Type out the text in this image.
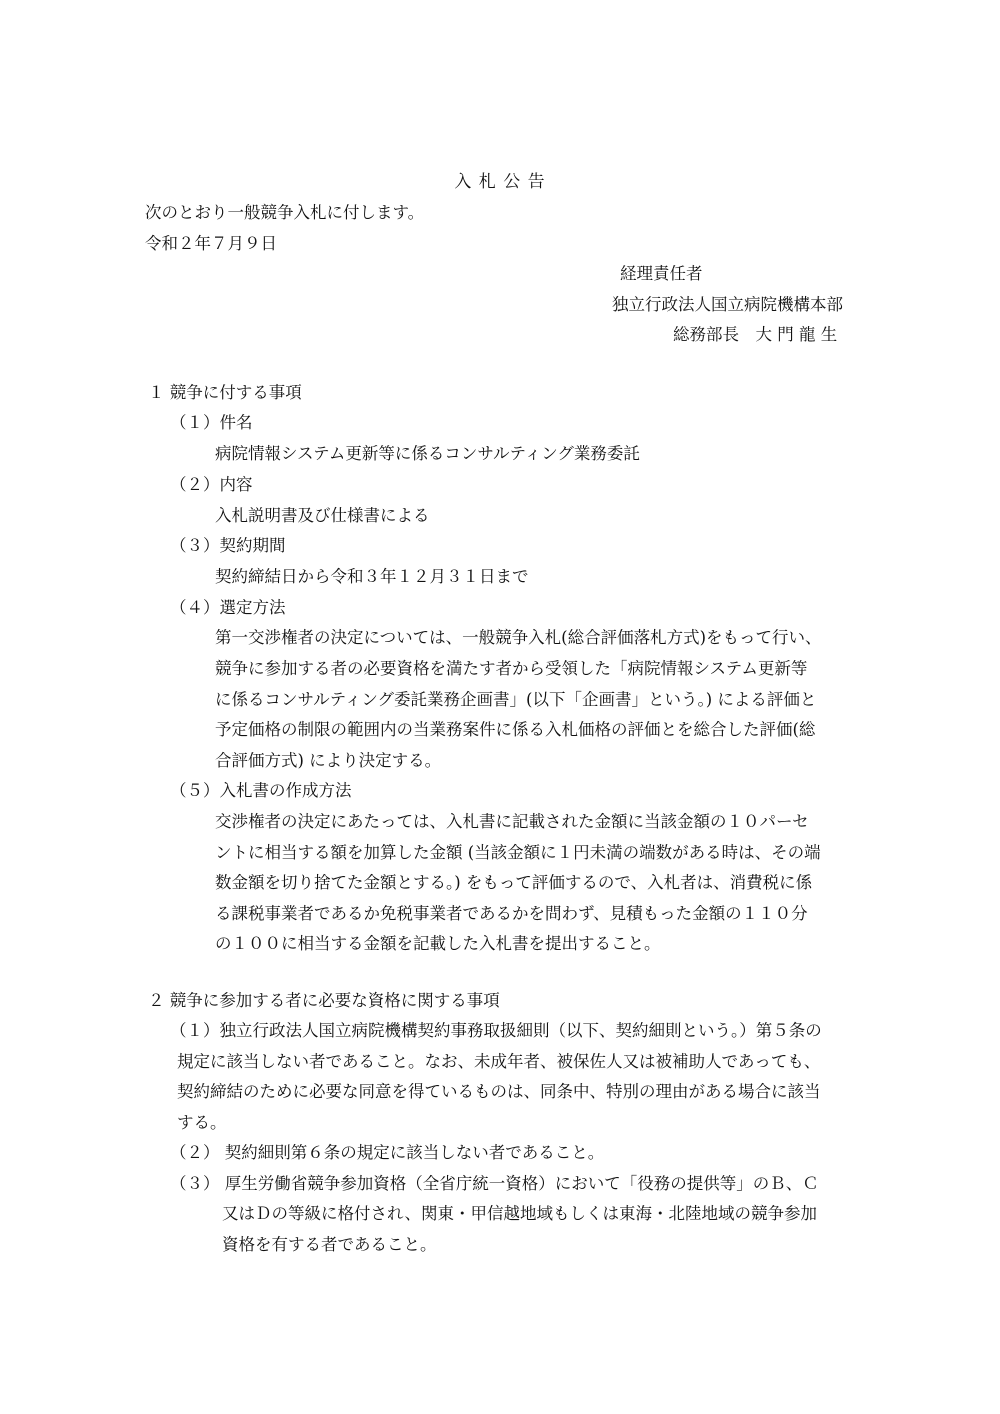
入 札 公 告
次のとおり一般競争入札に付します。
令和２年７月９日
経理責任者
独立行政法人国立病院機構本部
総務部長　大 門 龍 生
１ 競争に付する事項
（１）件名
病院情報システム更新等に係るコンサルティング業務委託
（２）内容
入札説明書及び仕様書による
（３）契約期間
契約締結日から令和３年１２月３１日まで
（４）選定方法
第一交渉権者の決定については、一般競争入札(総合評価落札方式)をもって行い、
競争に参加する者の必要資格を満たす者から受領した「病院情報システム更新等
に係るコンサルティング委託業務企画書」(以下「企画書」という。) による評価と
予定価格の制限の範囲内の当業務案件に係る入札価格の評価とを総合した評価(総
合評価方式) により決定する。
（５）入札書の作成方法
交渉権者の決定にあたっては、入札書に記載された金額に当該金額の１０パーセ
ントに相当する額を加算した金額 (当該金額に１円未満の端数がある時は、その端
数金額を切り捨てた金額とする。) をもって評価するので、入札者は、消費税に係
る課税事業者であるか免税事業者であるかを問わず、見積もった金額の１１０分
の１００に相当する金額を記載した入札書を提出すること。
２ 競争に参加する者に必要な資格に関する事項
（１）独立行政法人国立病院機構契約事務取扱細則（以下、契約細則という。）第５条の
規定に該当しない者であること。なお、未成年者、被保佐人又は被補助人であっても、
契約締結のために必要な同意を得ているものは、同条中、特別の理由がある場合に該当
する。
（２） 契約細則第６条の規定に該当しない者であること。
（３） 厚生労働省競争参加資格（全省庁統一資格）において「役務の提供等」のＢ、Ｃ
又はＤの等級に格付され、関東・甲信越地域もしくは東海・北陸地域の競争参加
資格を有する者であること。
